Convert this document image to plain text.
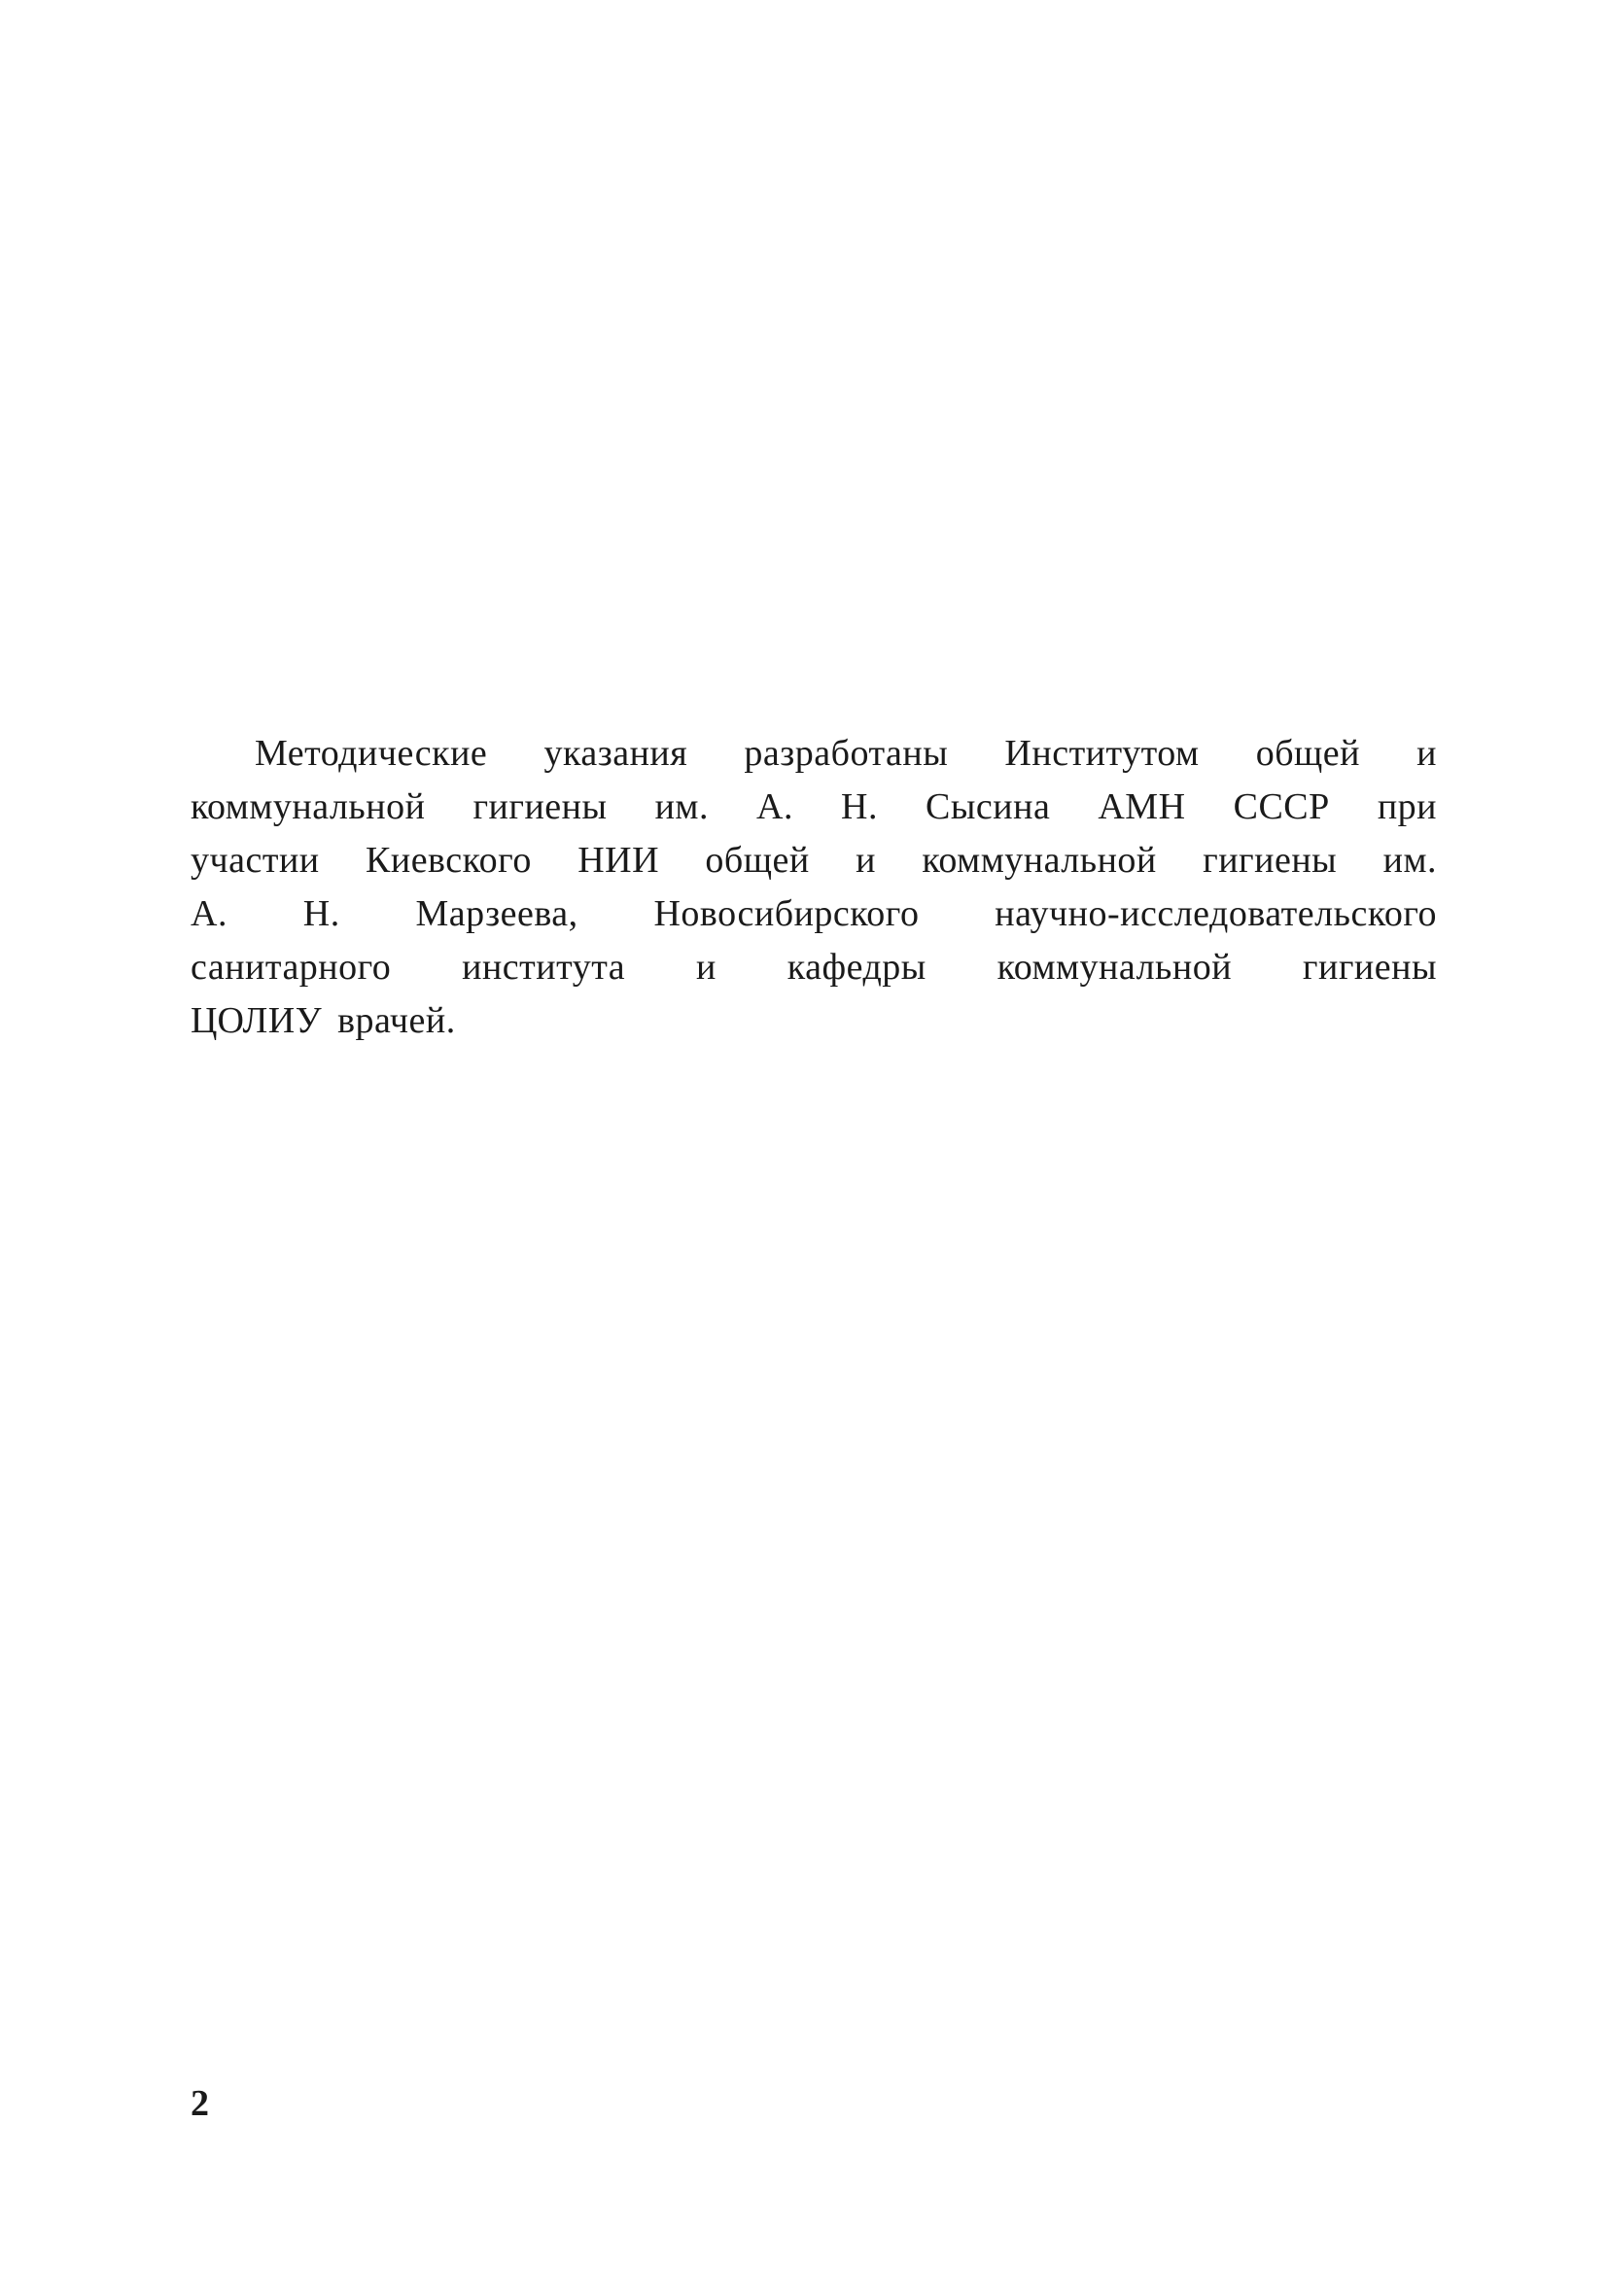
Методические указания разработаны Институтом общей и
коммунальной гигиены им. А. Н. Сысина АМН СССР при
участии Киевского НИИ общей и коммунальной гигиены им.
А. Н. Марзеева, Новосибирского научно-исследовательского
санитарного института и кафедры коммунальной гигиены
ЦОЛИУ врачей.
2
